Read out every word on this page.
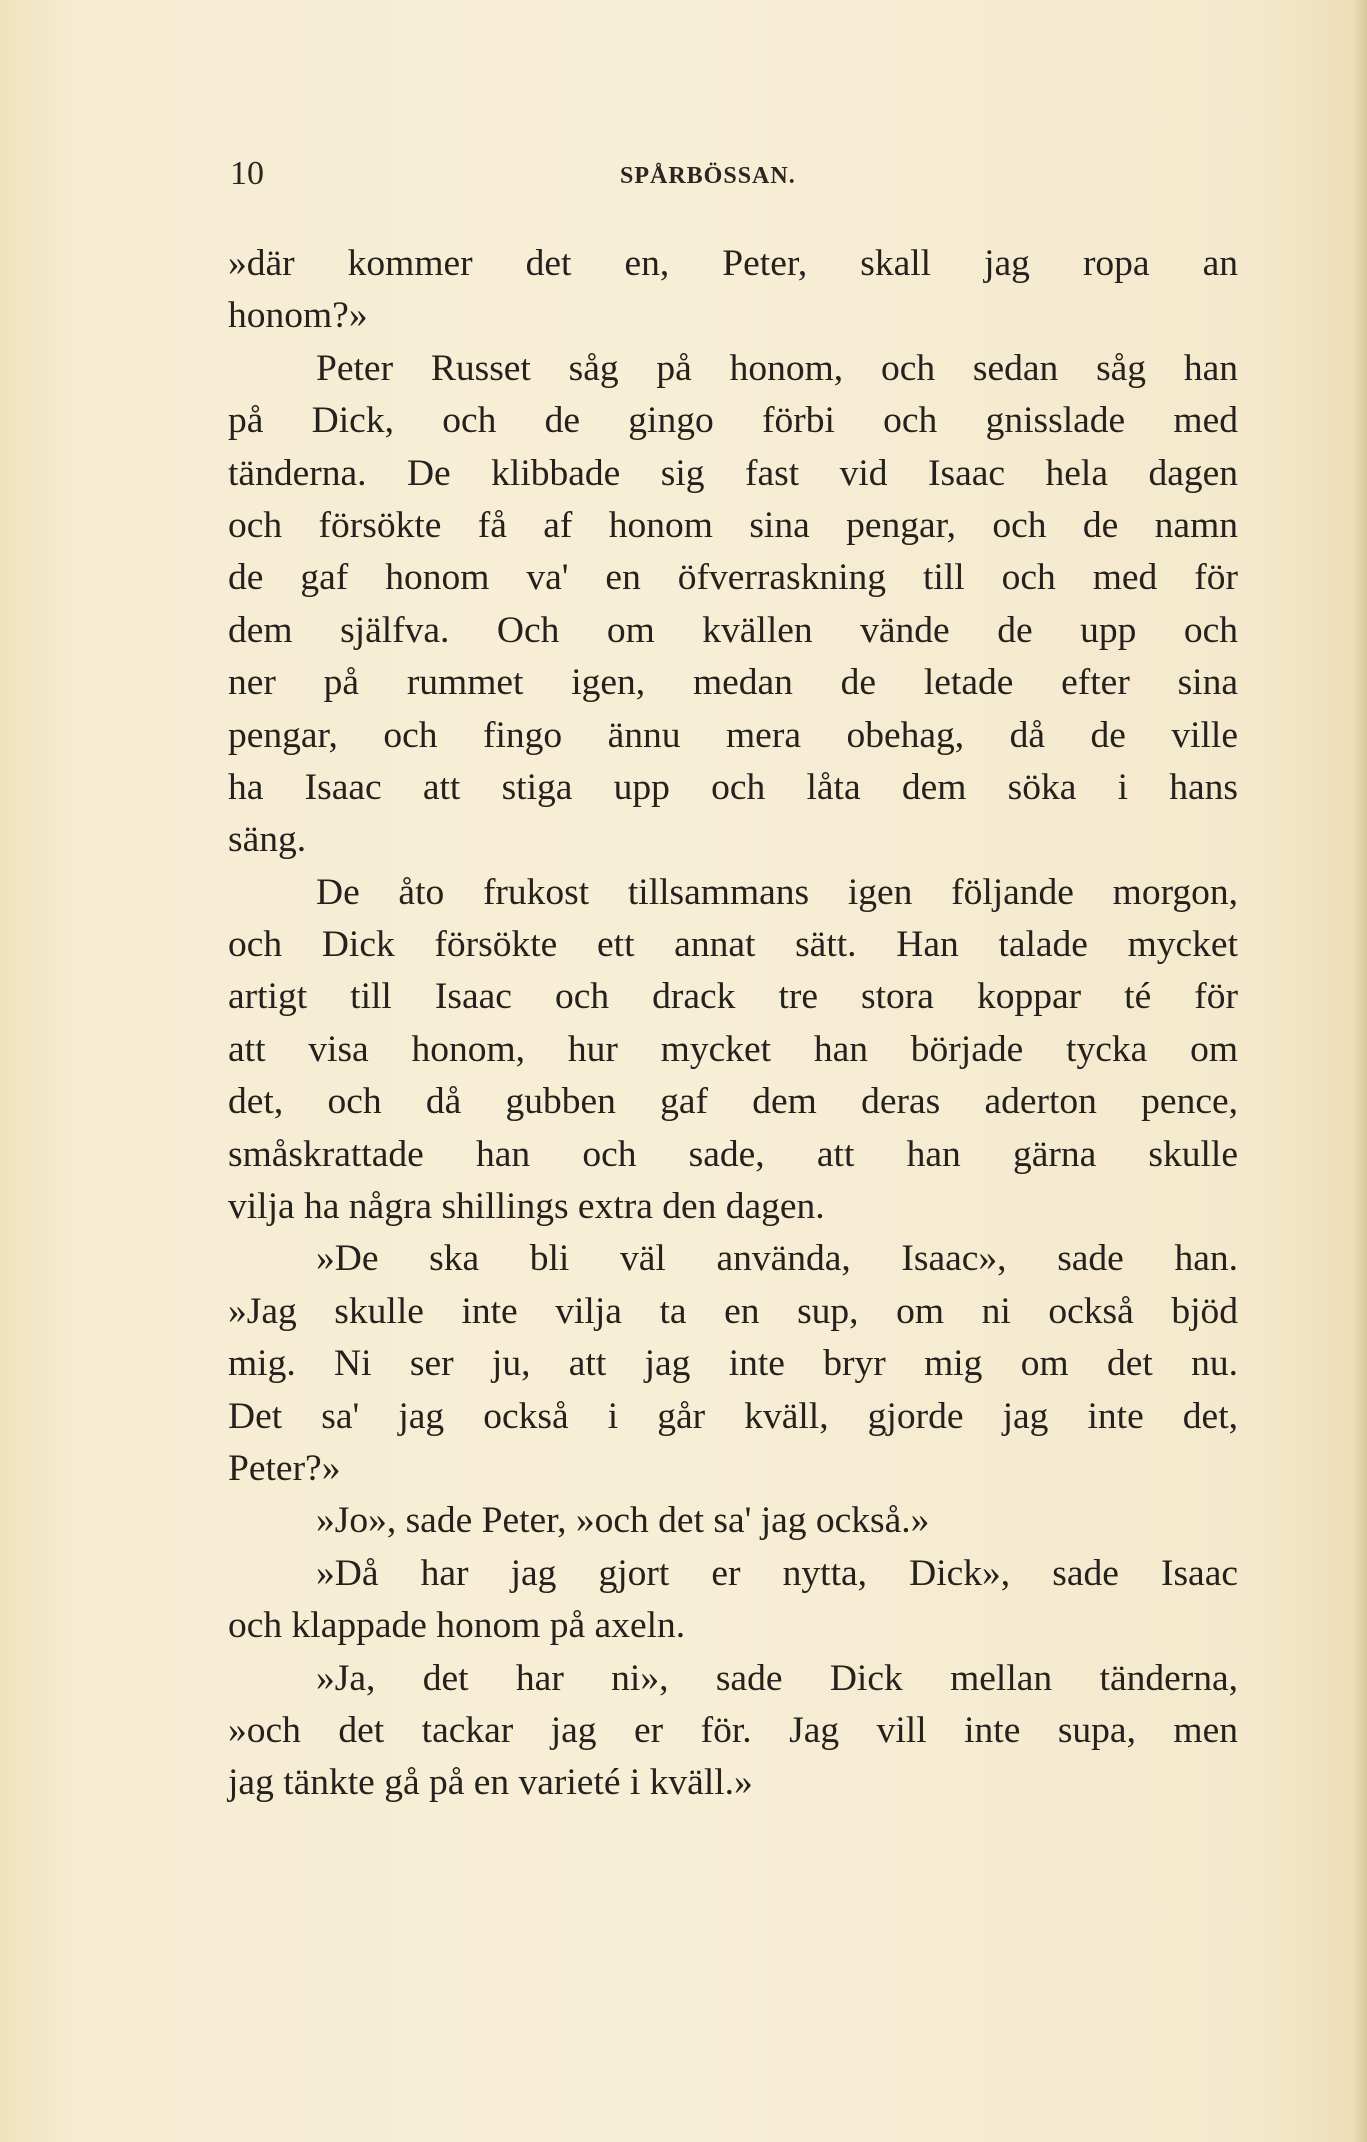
10	SPÅRBÖSSAN.
»där kommer det en, Peter, skall jag ropa an
honom?»
Peter Russet såg på honom, och sedan såg han
på Dick, och de gingo förbi och gnisslade med
tänderna. De klibbade sig fast vid Isaac hela dagen
och försökte få af honom sina pengar, och de namn
de gaf honom va' en öfverraskning till och med för
dem själfva. Och om kvällen vände de upp och
ner på rummet igen, medan de letade efter sina
pengar, och fingo ännu mera obehag, då de ville
ha Isaac att stiga upp och låta dem söka i hans
säng.
De åto frukost tillsammans igen följande morgon,
och Dick försökte ett annat sätt. Han talade mycket
artigt till Isaac och drack tre stora koppar té för
att visa honom, hur mycket han började tycka om
det, och då gubben gaf dem deras aderton pence,
småskrattade han och sade, att han gärna skulle
vilja ha några shillings extra den dagen.
»De ska bli väl använda, Isaac», sade han.
»Jag skulle inte vilja ta en sup, om ni också bjöd
mig. Ni ser ju, att jag inte bryr mig om det nu.
Det sa' jag också i går kväll, gjorde jag inte det,
Peter?»
»Jo», sade Peter, »och det sa' jag också.»
»Då har jag gjort er nytta, Dick», sade Isaac
och klappade honom på axeln.
»Ja, det har ni», sade Dick mellan tänderna,
»och det tackar jag er för. Jag vill inte supa, men
jag tänkte gå på en varieté i kväll.»
